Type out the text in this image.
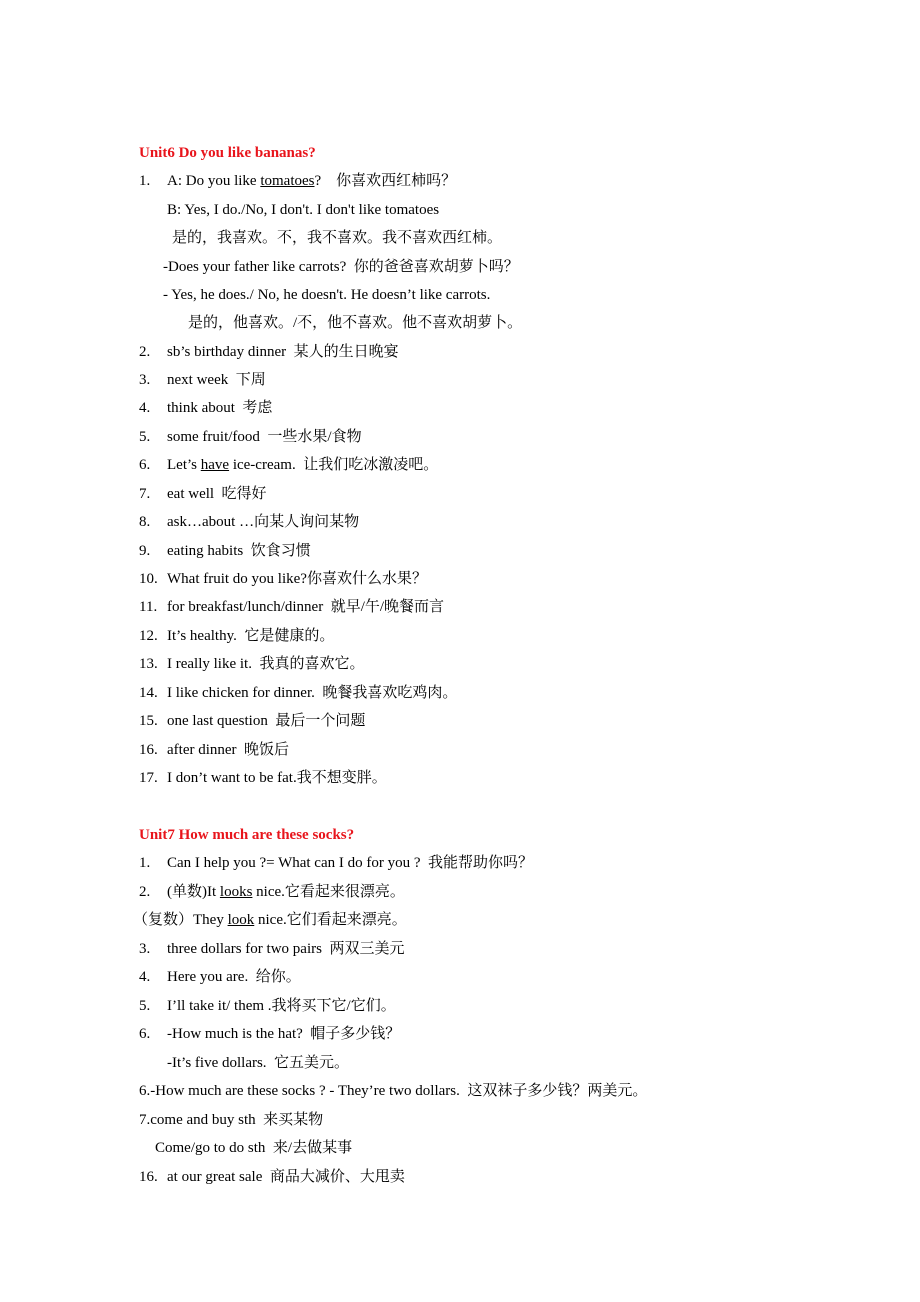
Unit6 Do you like bananas?
1. A: Do you like tomatoes?    你喜欢西红柿吗？
B: Yes, I do./No, I don't. I don't like tomatoes
是的，我喜欢。不，我不喜欢。我不喜欢西红柿。
-Does your father like carrots?  你的爸爸喜欢胡萝卜吗？
- Yes, he does./ No, he doesn't. He doesn’t like carrots.
是的，他喜欢。/不，他不喜欢。他不喜欢胡萝卜。
2. sb’s birthday dinner  某人的生日晚宴
3. next week  下周
4. think about  考虑
5. some fruit/food  一些水果/食物
6. Let’s have ice-cream.  让我们吃冰激凌吧。
7. eat well  吃得好
8. ask…about …向某人询问某物
9. eating habits  饮食习惯
10. What fruit do you like?你喜欢什么水果？
11. for breakfast/lunch/dinner  就早/午/晚餐而言
12. It’s healthy.  它是健康的。
13. I really like it.  我真的喜欢它。
14. I like chicken for dinner.  晚餐我喜欢吃鸡肉。
15. one last question  最后一个问题
16. after dinner  晚饭后
17. I don’t want to be fat.我不想变胖。
Unit7 How much are these socks?
1. Can I help you ?= What can I do for you ?  我能帮助你吗？
2. (单数)It looks nice.它看起来很漂亮。
（复数）They look nice.它们看起来漂亮。
3. three dollars for two pairs  两双三美元
4. Here you are.  给你。
5. I’ll take it/ them .我将买下它/它们。
6. -How much is the hat?  帽子多少钱？
-It’s five dollars.  它五美元。
6.-How much are these socks ? - They’re two dollars.  这双袜子多少钱？两美元。
7.come and buy sth  来买某物
Come/go to do sth  来/去做某事
16. at our great sale  商品大减价、大甩卖
